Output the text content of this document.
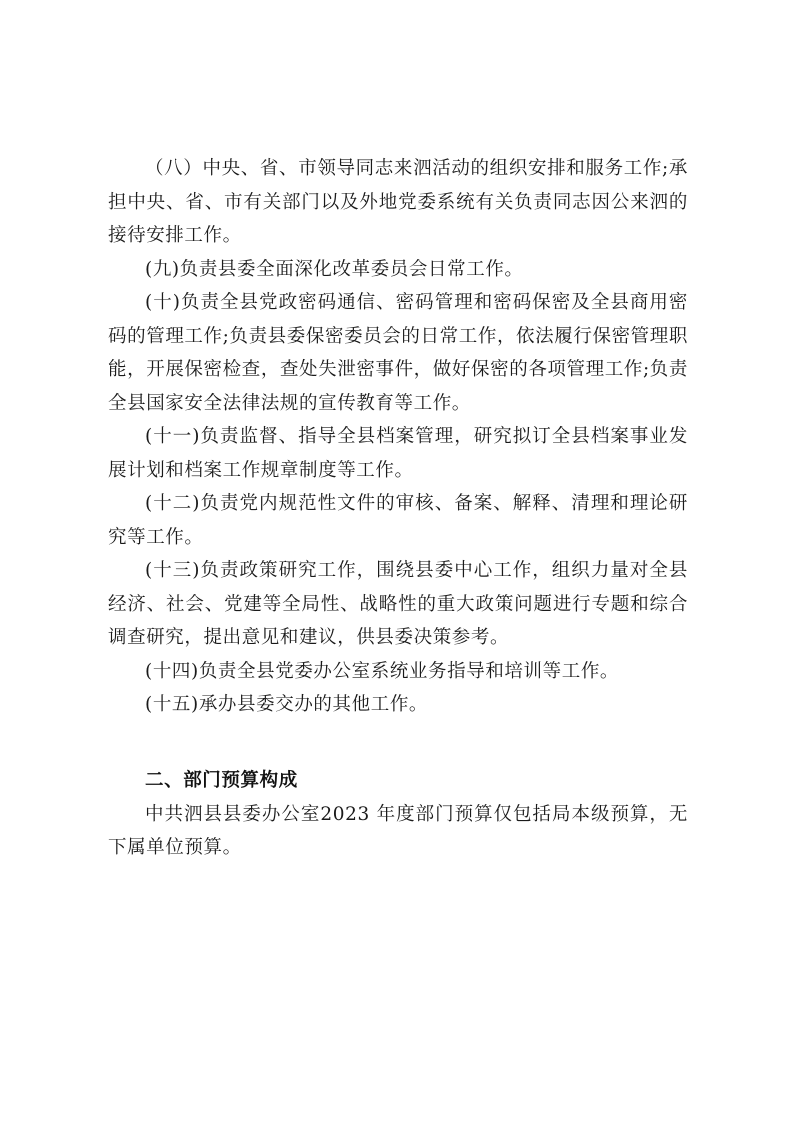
（八）中央、省、市领导同志来泗活动的组织安排和服务工作;承担中央、省、市有关部门以及外地党委系统有关负责同志因公来泗的接待安排工作。

(九)负责县委全面深化改革委员会日常工作。

(十)负责全县党政密码通信、密码管理和密码保密及全县商用密码的管理工作;负责县委保密委员会的日常工作，依法履行保密管理职能，开展保密检查，查处失泄密事件，做好保密的各项管理工作;负责全县国家安全法律法规的宣传教育等工作。

(十一)负责监督、指导全县档案管理，研究拟订全县档案事业发展计划和档案工作规章制度等工作。

(十二)负责党内规范性文件的审核、备案、解释、清理和理论研究等工作。

(十三)负责政策研究工作，围绕县委中心工作，组织力量对全县经济、社会、党建等全局性、战略性的重大政策问题进行专题和综合调查研究，提出意见和建议，供县委决策参考。

(十四)负责全县党委办公室系统业务指导和培训等工作。

(十五)承办县委交办的其他工作。

二、部门预算构成

中共泗县县委办公室2023 年度部门预算仅包括局本级预算，无下属单位预算。
